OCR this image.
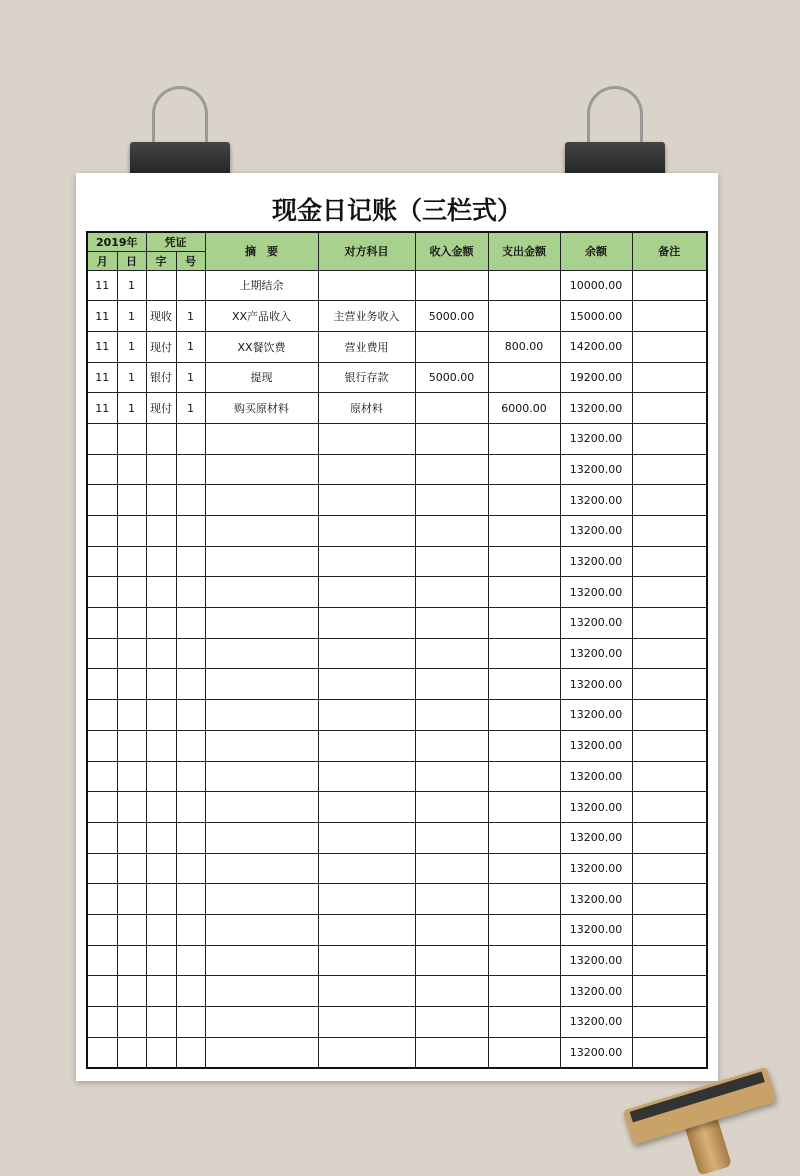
现金日记账（三栏式）
2019年		凭证		摘　要	对方科目	收入金额	支出金额	余额	备注
月	日	字	号						
11	1			上期结余				10000.00	
11	1	现收	1	XX产品收入	主营业务收入	5000.00		15000.00	
11	1	现付	1	XX餐饮费	营业费用		800.00	14200.00	
11	1	银付	1	提现	银行存款	5000.00		19200.00	
11	1	现付	1	购买原材料	原材料		6000.00	13200.00	
								13200.00	
								13200.00	
								13200.00	
								13200.00	
								13200.00	
								13200.00	
								13200.00	
								13200.00	
								13200.00	
								13200.00	
								13200.00	
								13200.00	
								13200.00	
								13200.00	
								13200.00	
								13200.00	
								13200.00	
								13200.00	
								13200.00	
								13200.00	
								13200.00	
